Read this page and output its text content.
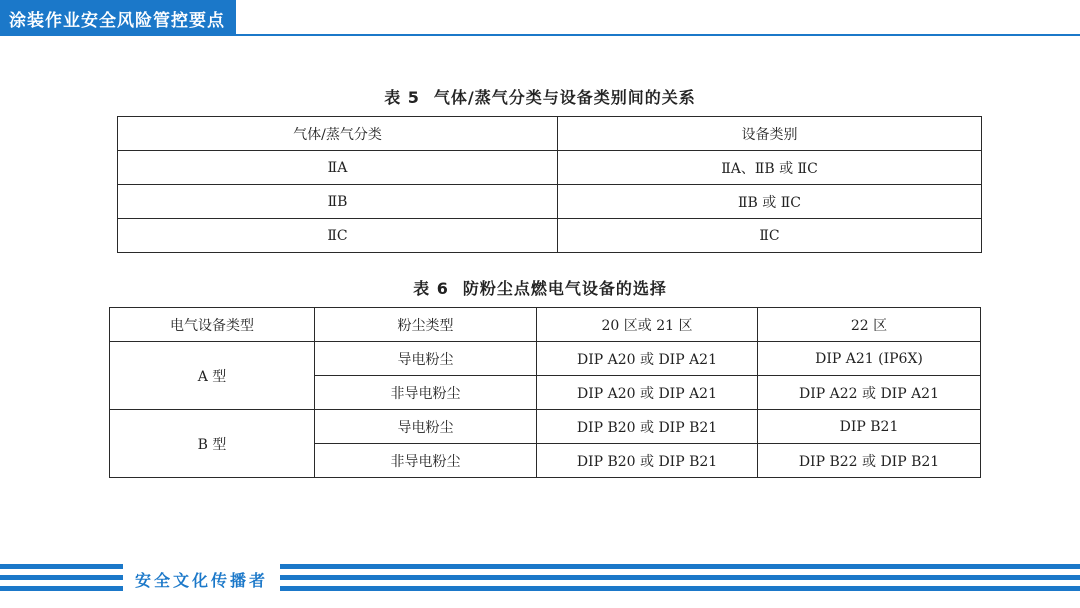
涂装作业安全风险管控要点
表 5 气体/蒸气分类与设备类别间的关系
气体/蒸气分类	设备类别
ⅡA	ⅡA、ⅡB 或 ⅡC
ⅡB	ⅡB 或 ⅡC
ⅡC	ⅡC
表 6 防粉尘点燃电气设备的选择
电气设备类型	粉尘类型	20 区或 21 区	22 区
A 型	导电粉尘	DIP A20 或 DIP A21	DIP A21 (IP6X)
	非导电粉尘	DIP A20 或 DIP A21	DIP A22 或 DIP A21
B 型	导电粉尘	DIP B20 或 DIP B21	DIP B21
	非导电粉尘	DIP B20 或 DIP B21	DIP B22 或 DIP B21
安全文化传播者
